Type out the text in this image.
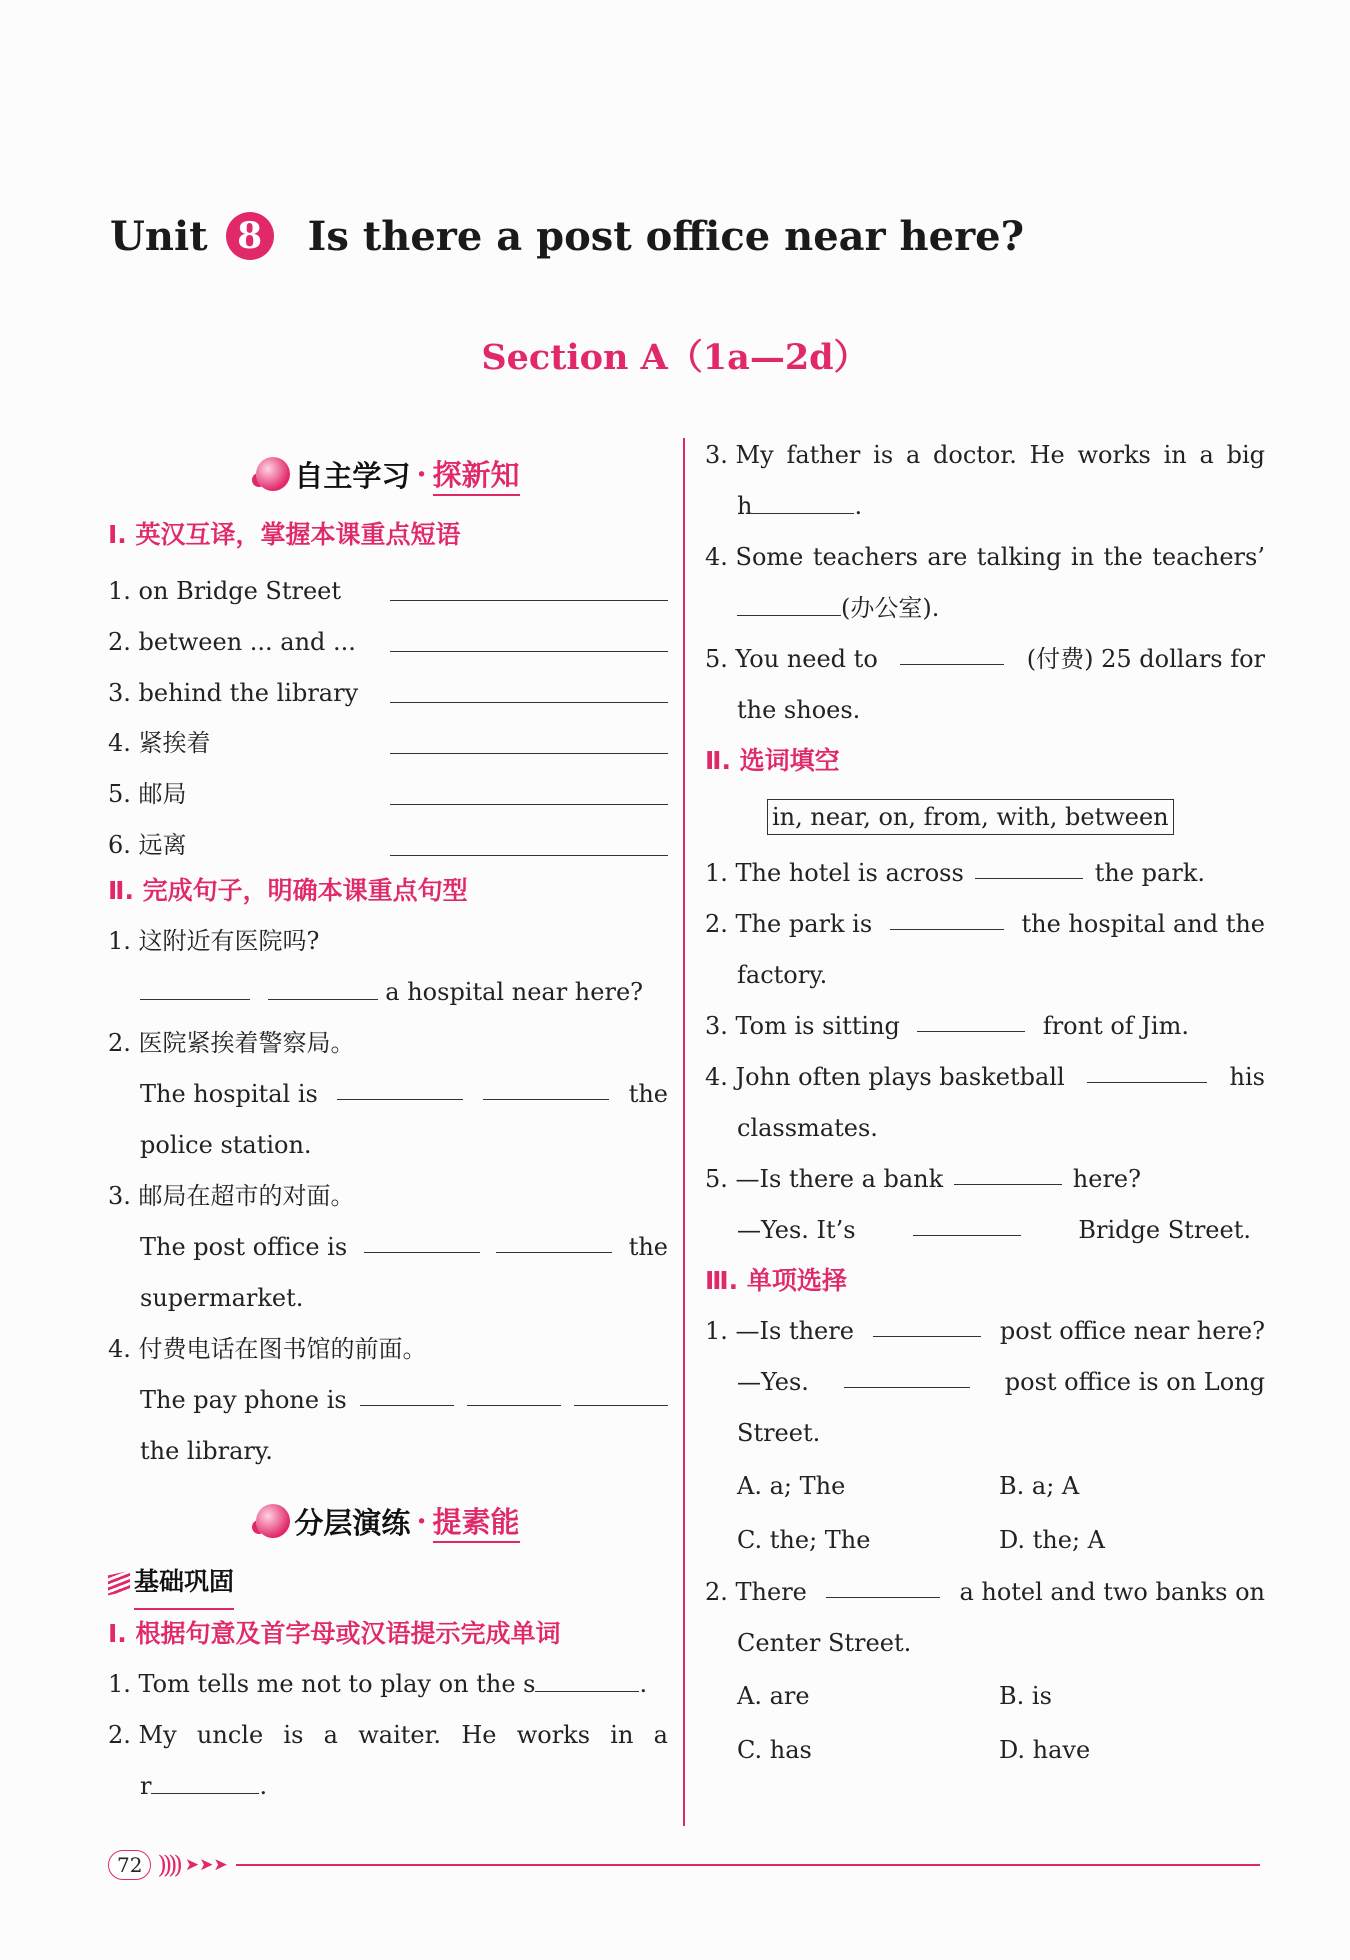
Unit 8 Is there a post office near here?
Section A（1a—2d）
自主学习 · 探新知
Ⅰ. 英汉互译，掌握本课重点短语
1. on Bridge Street
2. between ... and ...
3. behind the library
4. 紧挨着
5. 邮局
6. 远离
Ⅱ. 完成句子，明确本课重点句型
1. 这附近有医院吗?
a hospital near here?
2. 医院紧挨着警察局。
The hospital is	the
police station.
3. 邮局在超市的对面。
The post office is	the
supermarket.
4. 付费电话在图书馆的前面。
The pay phone is
the library.
分层演练 · 提素能
基础巩固
Ⅰ. 根据句意及首字母或汉语提示完成单词
1. Tom tells me not to play on the s	.
2. My uncle is a waiter. He works in a
r	.
3. My father is a doctor. He works in a big
h	.
4. Some teachers are talking in the teachers’
(办公室).
5. You need to	(付费) 25 dollars for
the shoes.
Ⅱ. 选词填空
in, near, on, from, with, between
1. The hotel is across	the park.
2. The park is	the hospital and the
factory.
3. Tom is sitting	front of Jim.
4. John often plays basketball	his
classmates.
5. —Is there a bank	here?
—Yes. It’s	Bridge Street.
Ⅲ. 单项选择
1. —Is there	post office near here?
—Yes.	post office is on Long
Street.
A. a; The	B. a; A
C. the; The	D. the; A
2. There	a hotel and two banks on
Center Street.
A. are	B. is
C. has	D. have
72 )))) ➤➤➤
